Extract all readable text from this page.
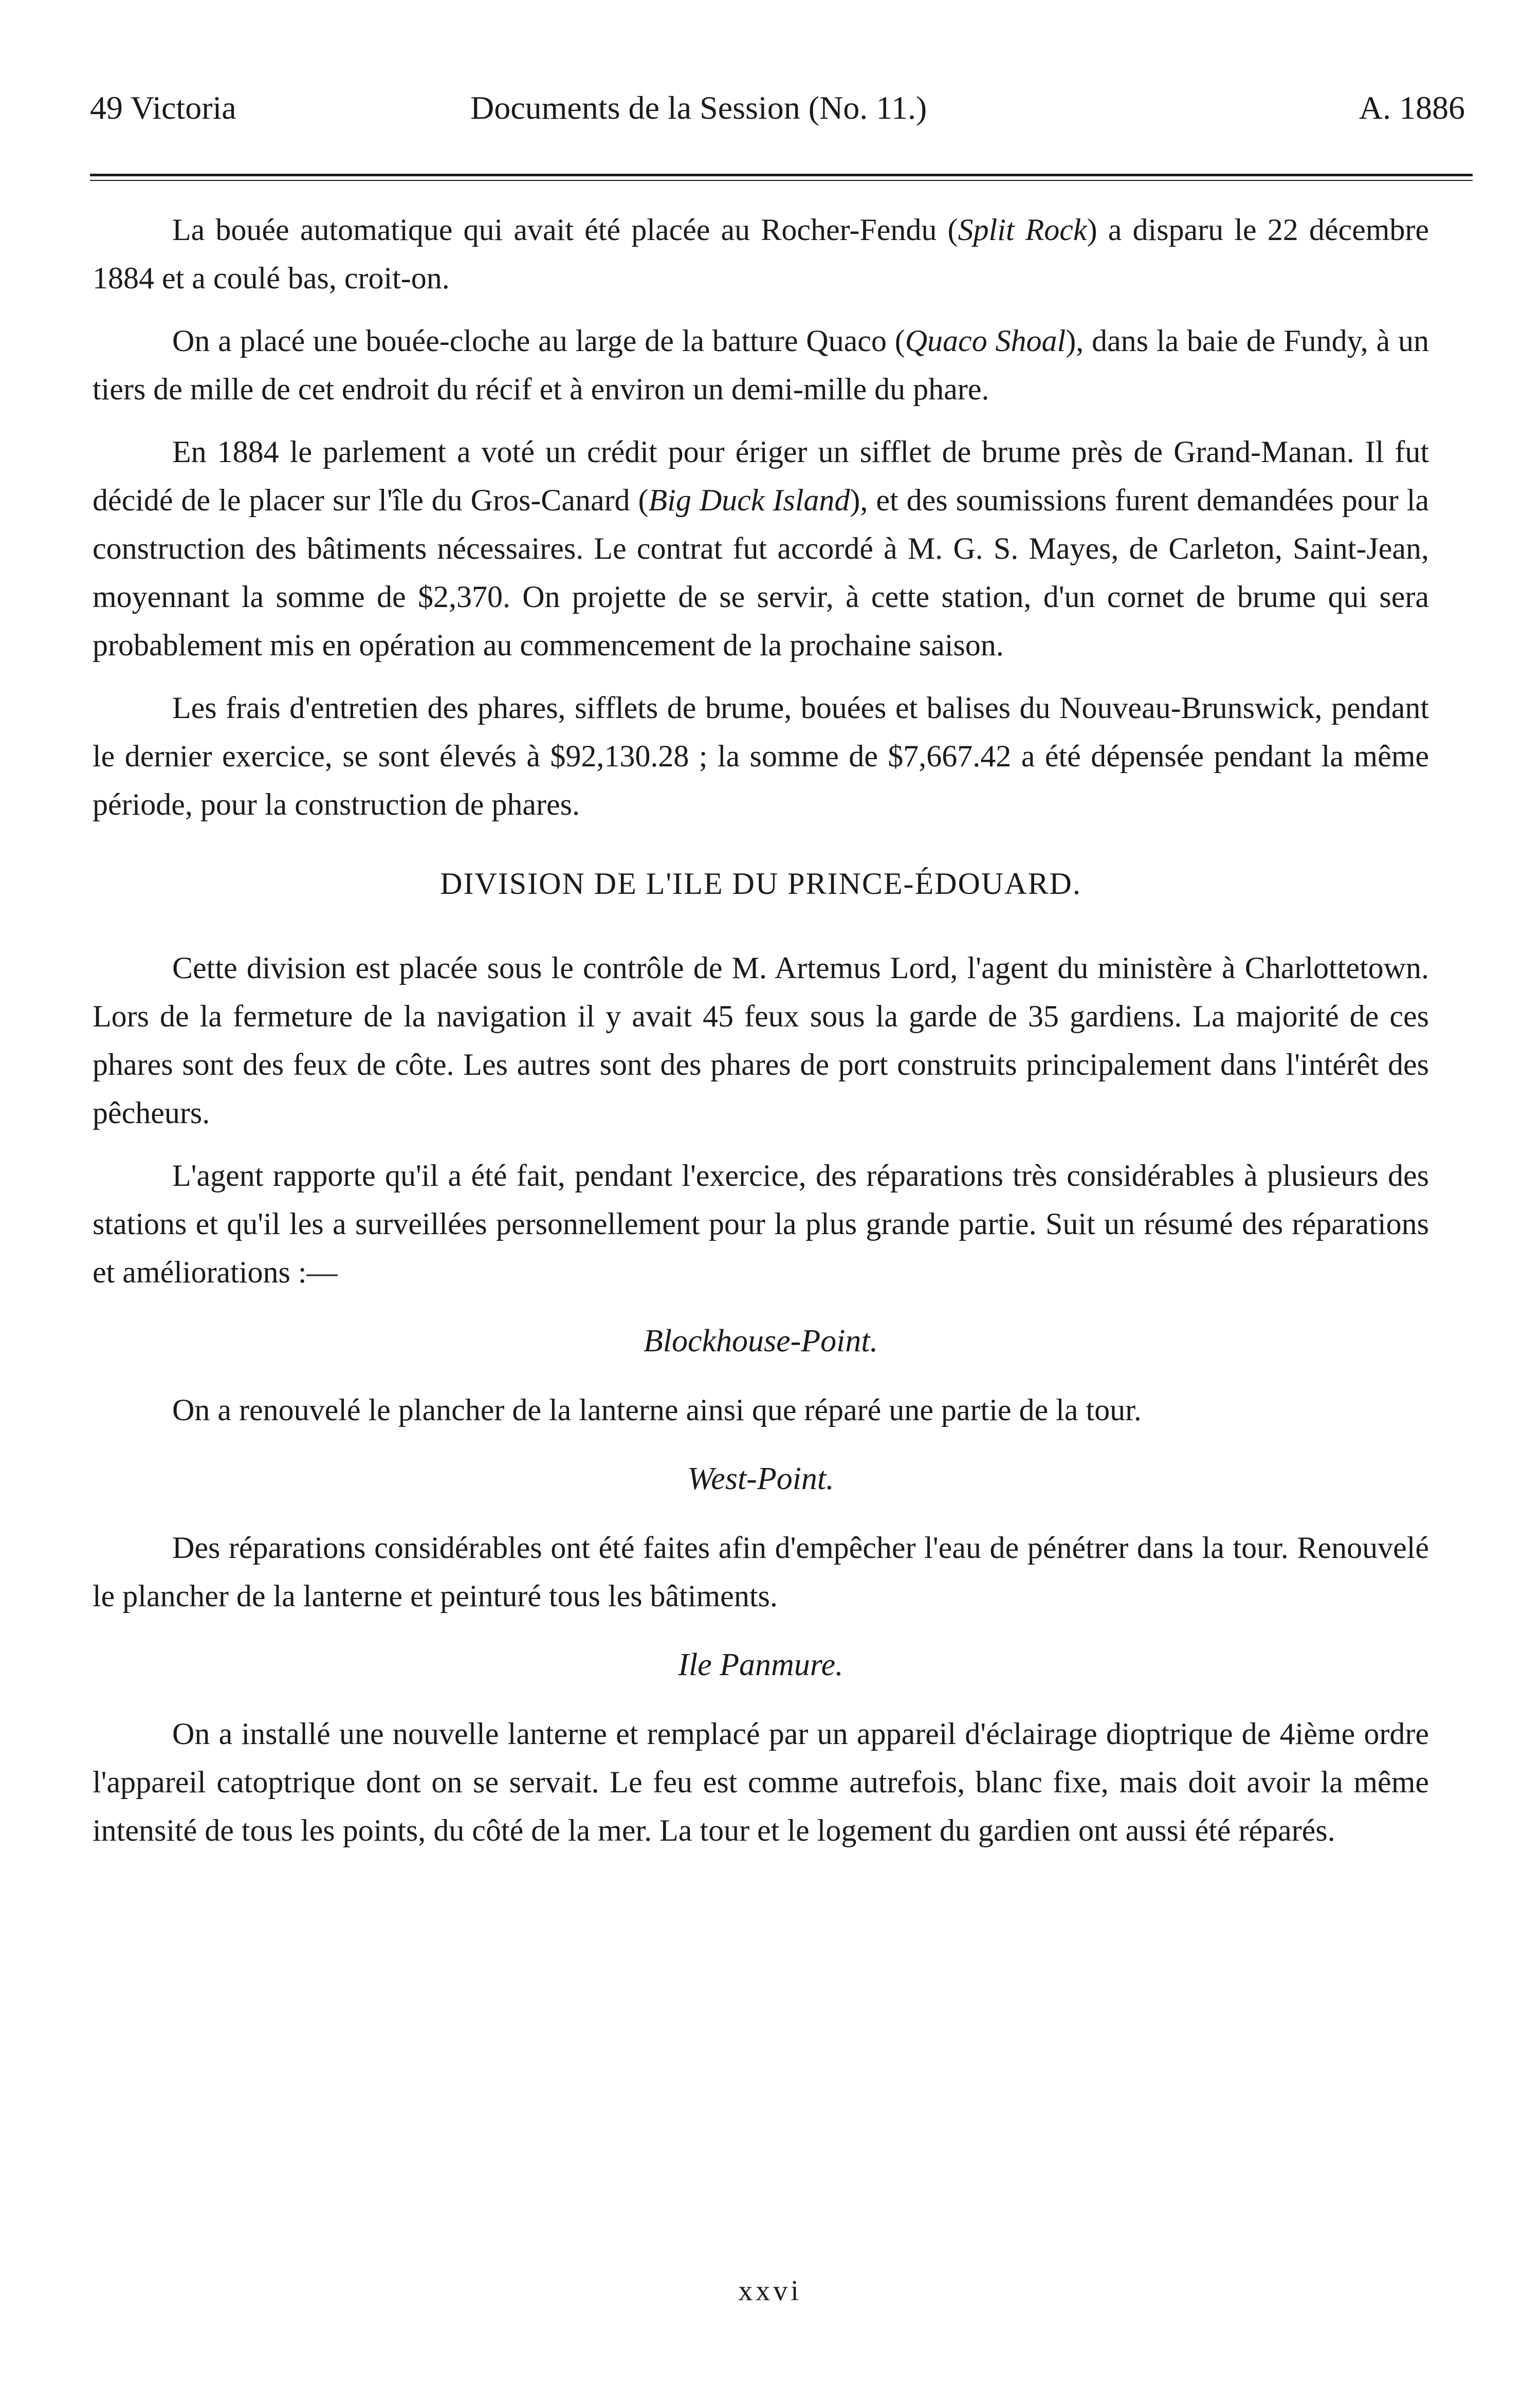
49 Victoria	Documents de la Session (No. 11.)	A. 1886

La bouée automatique qui avait été placée au Rocher-Fendu (Split Rock) a disparu le 22 décembre 1884 et a coulé bas, croit-on.

On a placé une bouée-cloche au large de la batture Quaco (Quaco Shoal), dans la baie de Fundy, à un tiers de mille de cet endroit du récif et à environ un demi-mille du phare.

En 1884 le parlement a voté un crédit pour ériger un sifflet de brume près de Grand-Manan. Il fut décidé de le placer sur l'île du Gros-Canard (Big Duck Island), et des soumissions furent demandées pour la construction des bâtiments nécessaires. Le contrat fut accordé à M. G. S. Mayes, de Carleton, Saint-Jean, moyennant la somme de $2,370. On projette de se servir, à cette station, d'un cornet de brume qui sera probablement mis en opération au commencement de la prochaine saison.

Les frais d'entretien des phares, sifflets de brume, bouées et balises du Nouveau-Brunswick, pendant le dernier exercice, se sont élevés à $92,130.28 ; la somme de $7,667.42 a été dépensée pendant la même période, pour la construction de phares.

DIVISION DE L'ILE DU PRINCE-ÉDOUARD.

Cette division est placée sous le contrôle de M. Artemus Lord, l'agent du ministère à Charlottetown. Lors de la fermeture de la navigation il y avait 45 feux sous la garde de 35 gardiens. La majorité de ces phares sont des feux de côte. Les autres sont des phares de port construits principalement dans l'intérêt des pêcheurs.

L'agent rapporte qu'il a été fait, pendant l'exercice, des réparations très considérables à plusieurs des stations et qu'il les a surveillées personnellement pour la plus grande partie. Suit un résumé des réparations et améliorations :—

Blockhouse-Point.

On a renouvelé le plancher de la lanterne ainsi que réparé une partie de la tour.

West-Point.

Des réparations considérables ont été faites afin d'empêcher l'eau de pénétrer dans la tour. Renouvelé le plancher de la lanterne et peinturé tous les bâtiments.

Ile Panmure.

On a installé une nouvelle lanterne et remplacé par un appareil d'éclairage dioptrique de 4ième ordre l'appareil catoptrique dont on se servait. Le feu est comme autrefois, blanc fixe, mais doit avoir la même intensité de tous les points, du côté de la mer. La tour et le logement du gardien ont aussi été réparés.

xxvi
